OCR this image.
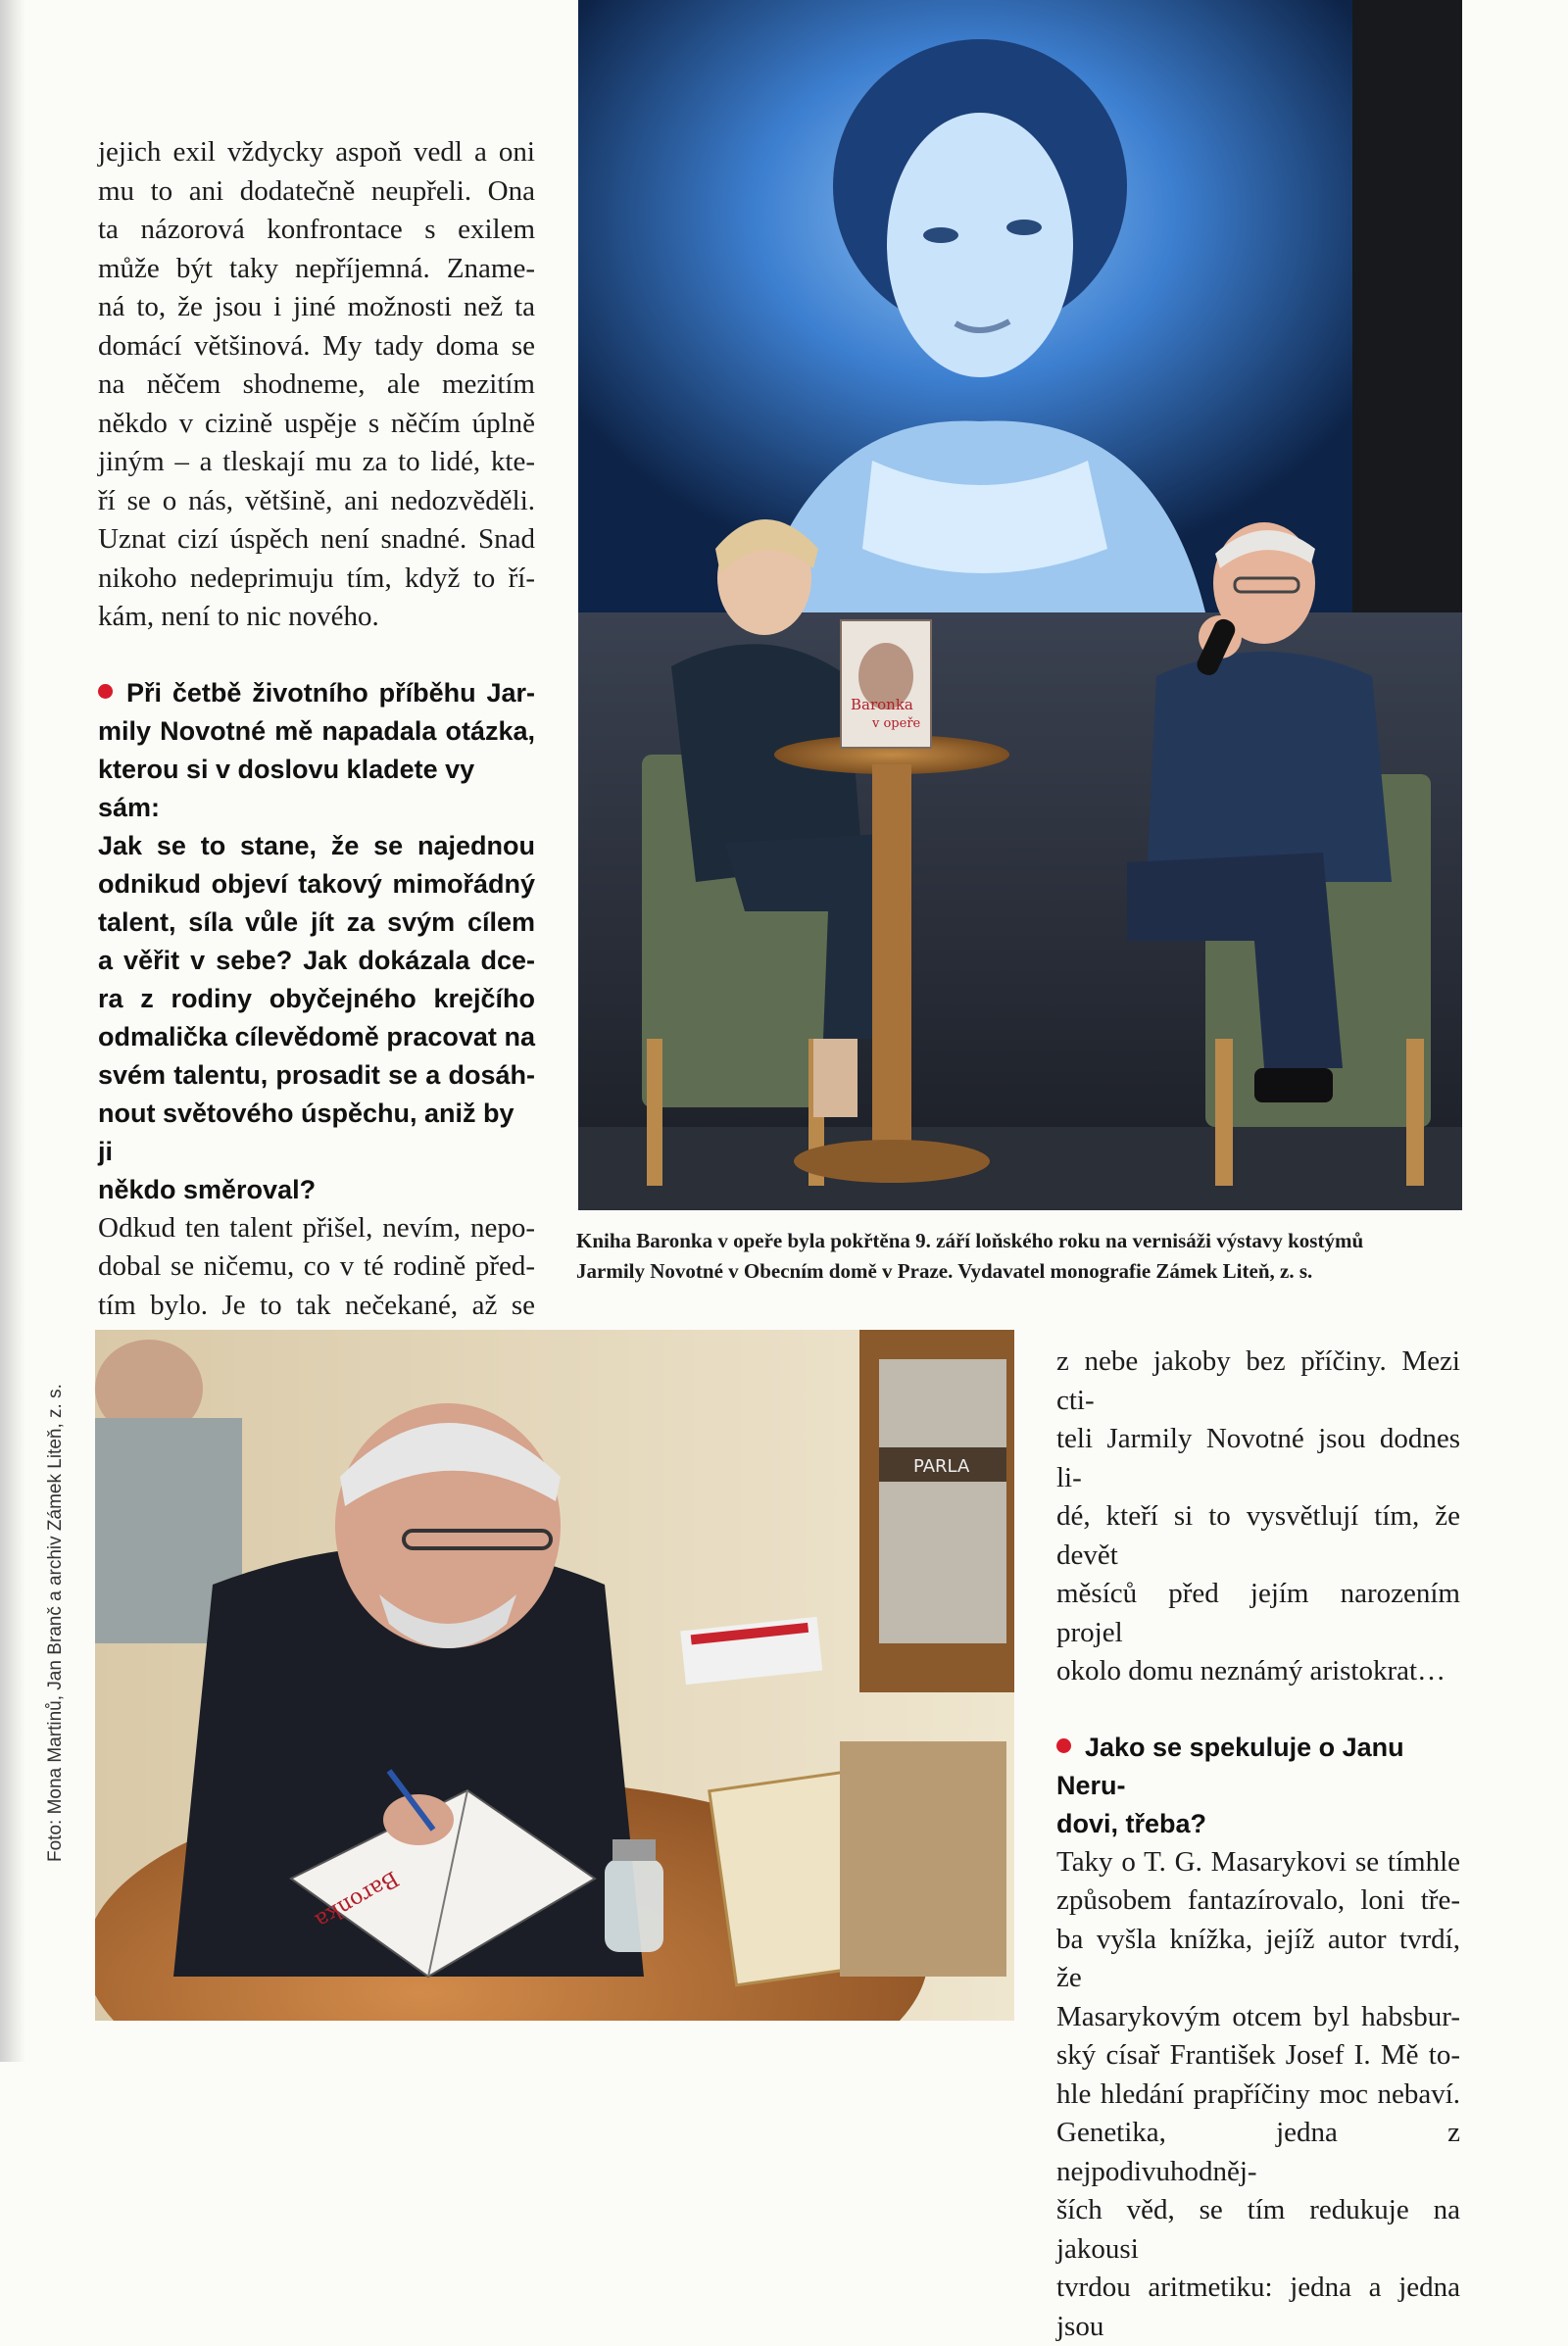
jejich exil vždycky aspoň vedl a oni
mu to ani dodatečně neupřeli. Ona
ta názorová konfrontace s exilem
může být taky nepříjemná. Zname-
ná to, že jsou i jiné možnosti než ta
domácí většinová. My tady doma se
na něčem shodneme, ale mezitím
někdo v cizině uspěje s něčím úplně
jiným – a tleskají mu za to lidé, kte-
ří se o nás, většině, ani nedozvěděli.
Uznat cizí úspěch není snadné. Snad
nikoho nedeprimuju tím, když to ří-
kám, není to nic nového.
Při četbě životního příběhu Jar-
mily Novotné mě napadala otázka,
kterou si v doslovu kladete vy sám:
Jak se to stane, že se najednou
odnikud objeví takový mimořádný
talent, síla vůle jít za svým cílem
a věřit v sebe? Jak dokázala dce-
ra z rodiny obyčejného krejčího
odmalička cílevědomě pracovat na
svém talentu, prosadit se a dosáh-
nout světového úspěchu, aniž by ji
někdo směroval?
Odkud ten talent přišel, nevím, nepo-
dobal se ničemu, co v té rodině před-
tím bylo. Je to tak nečekané, až se
Baronka
v opeře
Kniha Baronka v opeře byla pokřtěna 9. září loňského roku na vernisáži výstavy kostýmů
Jarmily Novotné v Obecním domě v Praze. Vydavatel monografie Zámek Liteň, z. s.
PARLA
Baronka
z nebe jakoby bez příčiny. Mezi cti-
teli Jarmily Novotné jsou dodnes li-
dé, kteří si to vysvětlují tím, že devět
měsíců před jejím narozením projel
okolo domu neznámý aristokrat…
Jako se spekuluje o Janu Neru-
dovi, třeba?
Taky o T. G. Masarykovi se tímhle
způsobem fantazírovalo, loni tře-
ba vyšla knížka, jejíž autor tvrdí, že
Masarykovým otcem byl habsbur-
ský císař František Josef I. Mě to-
hle hledání prapříčiny moc nebaví.
Genetika, jedna z nejpodivuhodněj-
ších věd, se tím redukuje na jakousi
tvrdou aritmetiku: jedna a jedna jsou
Foto: Mona Martinů, Jan Branč a archiv Zámek Liteň, z. s.
